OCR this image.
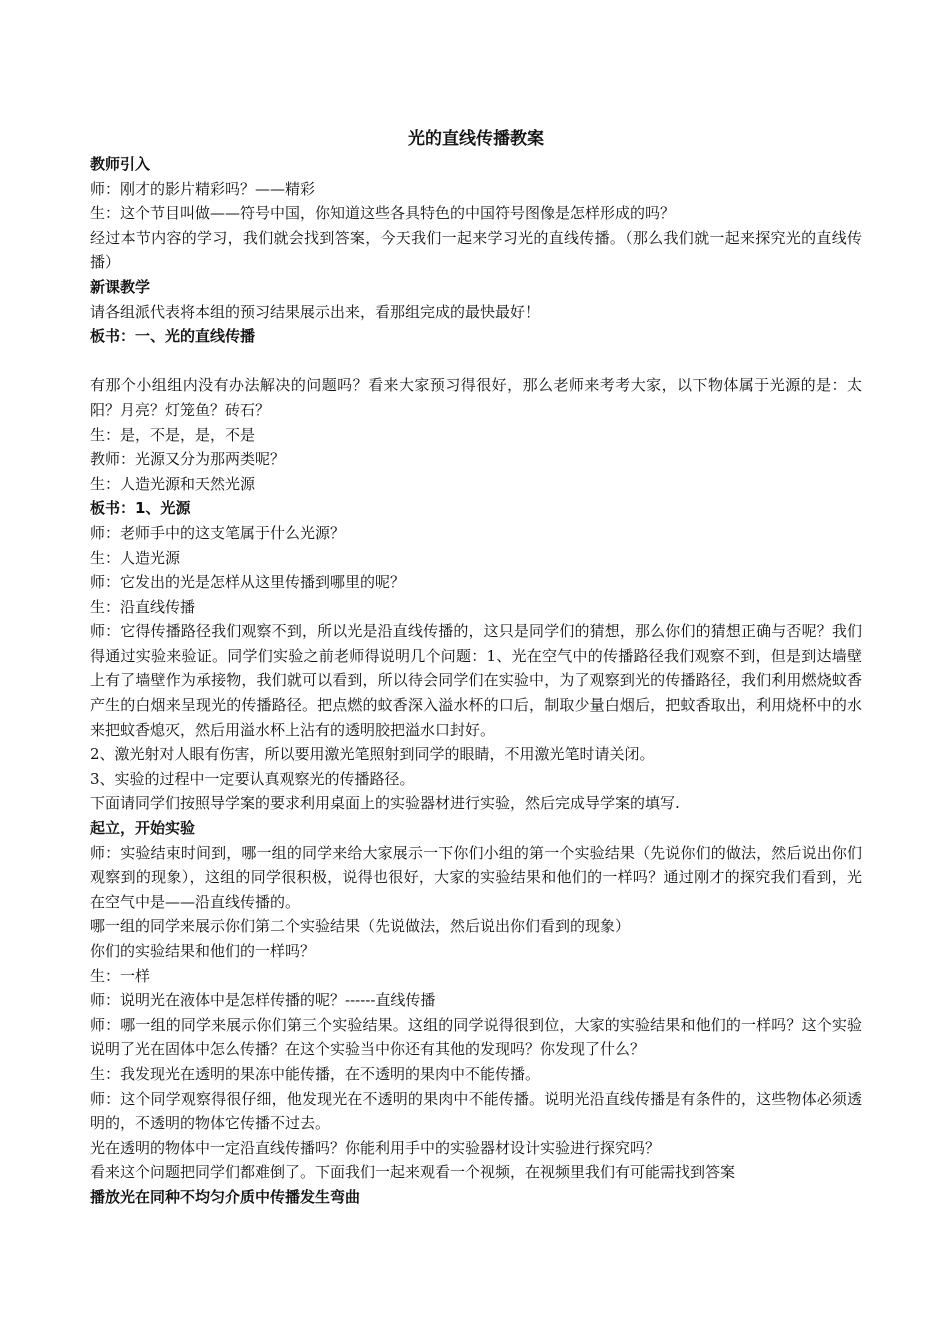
光的直线传播教案
教师引入
师：刚才的影片精彩吗？——精彩
生：这个节目叫做——符号中国，你知道这些各具特色的中国符号图像是怎样形成的吗？
经过本节内容的学习，我们就会找到答案，今天我们一起来学习光的直线传播。（那么我们就一起来探究光的直线传播）
新课教学
请各组派代表将本组的预习结果展示出来，看那组完成的最快最好！
板书：一、光的直线传播
有那个小组组内没有办法解决的问题吗？看来大家预习得很好，那么老师来考考大家，以下物体属于光源的是：太阳？月亮？灯笼鱼？砖石？
生：是，不是，是，不是
教师：光源又分为那两类呢？
生：人造光源和天然光源
板书：1、光源
师：老师手中的这支笔属于什么光源？
生：人造光源
师：它发出的光是怎样从这里传播到哪里的呢？
生：沿直线传播
师：它得传播路径我们观察不到，所以光是沿直线传播的，这只是同学们的猜想，那么你们的猜想正确与否呢？我们得通过实验来验证。同学们实验之前老师得说明几个问题：1、光在空气中的传播路径我们观察不到，但是到达墙壁上有了墙壁作为承接物，我们就可以看到，所以待会同学们在实验中，为了观察到光的传播路径，我们利用燃烧蚊香产生的白烟来呈现光的传播路径。把点燃的蚊香深入溢水杯的口后，制取少量白烟后，把蚊香取出，利用烧杯中的水来把蚊香熄灭，然后用溢水杯上沾有的透明胶把溢水口封好。
2、激光射对人眼有伤害，所以要用激光笔照射到同学的眼睛，不用激光笔时请关闭。
3、实验的过程中一定要认真观察光的传播路径。
下面请同学们按照导学案的要求利用桌面上的实验器材进行实验，然后完成导学案的填写.
起立，开始实验
师：实验结束时间到，哪一组的同学来给大家展示一下你们小组的第一个实验结果（先说你们的做法，然后说出你们观察到的现象），这组的同学很积极，说得也很好，大家的实验结果和他们的一样吗？通过刚才的探究我们看到，光在空气中是——沿直线传播的。
哪一组的同学来展示你们第二个实验结果（先说做法，然后说出你们看到的现象）
你们的实验结果和他们的一样吗？
生：一样
师：说明光在液体中是怎样传播的呢？------直线传播
师：哪一组的同学来展示你们第三个实验结果。这组的同学说得很到位，大家的实验结果和他们的一样吗？这个实验说明了光在固体中怎么传播？在这个实验当中你还有其他的发现吗？你发现了什么？
生：我发现光在透明的果冻中能传播，在不透明的果肉中不能传播。
师：这个同学观察得很仔细，他发现光在不透明的果肉中不能传播。说明光沿直线传播是有条件的，这些物体必须透明的，不透明的物体它传播不过去。
光在透明的物体中一定沿直线传播吗？你能利用手中的实验器材设计实验进行探究吗？
看来这个问题把同学们都难倒了。下面我们一起来观看一个视频，在视频里我们有可能需找到答案
播放光在同种不均匀介质中传播发生弯曲
